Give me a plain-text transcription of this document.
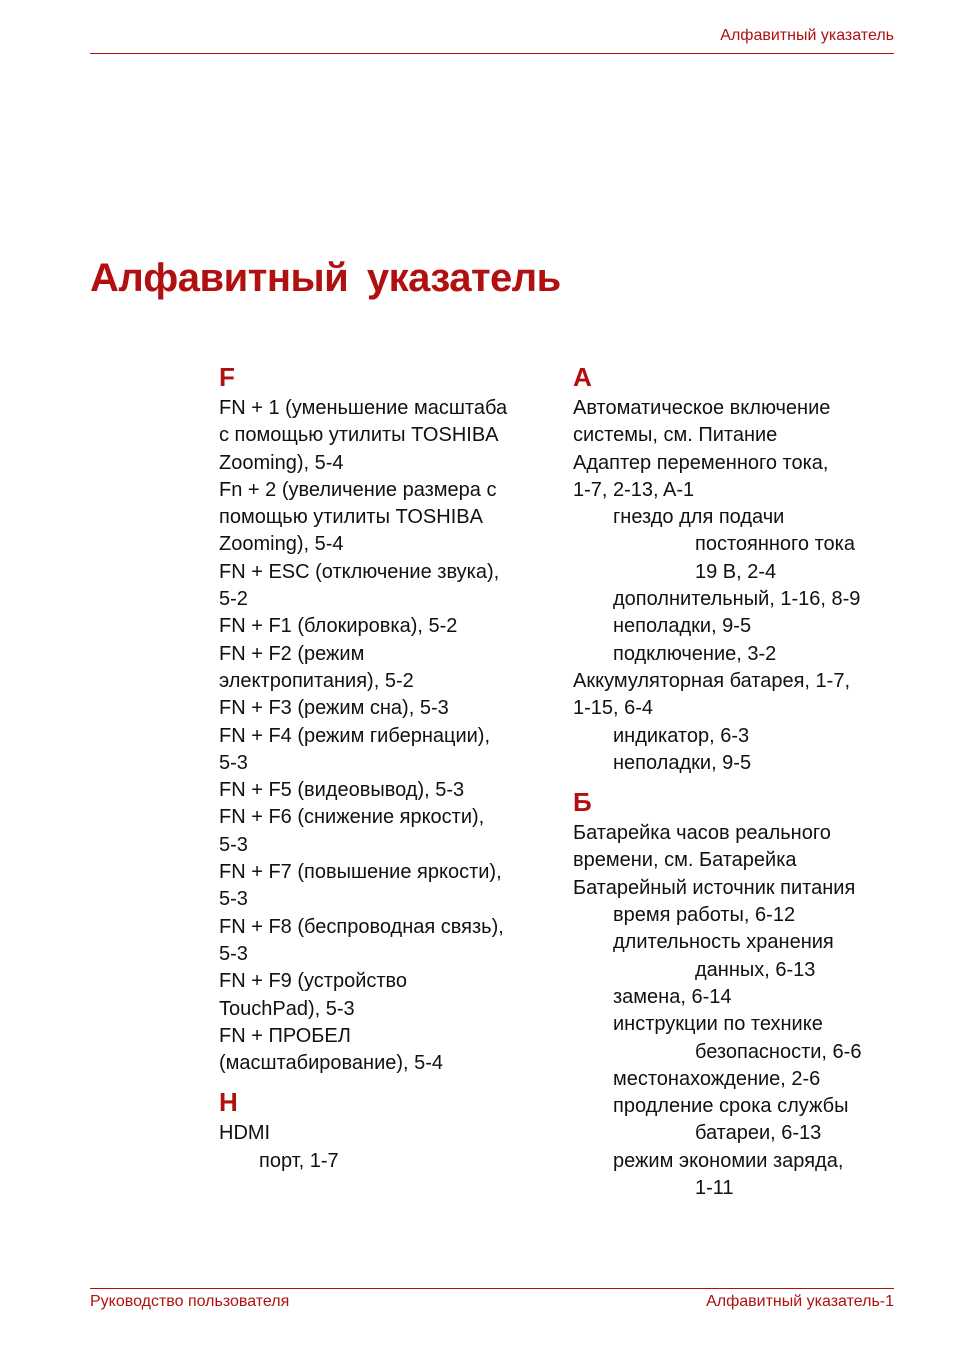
Алфавитный указатель
Алфавитный указатель
F
FN + 1 (уменьшение масштаба
с помощью утилиты TOSHIBA
Zooming), 5-4
Fn + 2 (увеличение размера с
помощью утилиты TOSHIBA
Zooming), 5-4
FN + ESC (отключение звука),
5-2
FN + F1 (блокировка), 5-2
FN + F2 (режим
электропитания), 5-2
FN + F3 (режим сна), 5-3
FN + F4 (режим гибернации),
5-3
FN + F5 (видеовывод), 5-3
FN + F6 (снижение яркости),
5-3
FN + F7 (повышение яркости),
5-3
FN + F8 (беспроводная связь),
5-3
FN + F9 (устройство
TouchPad), 5-3
FN + ПРОБЕЛ
(масштабирование), 5-4
H
HDMI
порт, 1-7
A
Автоматическое включение
системы, см. Питание
Адаптер переменного тока,
1-7, 2-13, A-1
гнездо для подачи
постоянного тока
19 В, 2-4
дополнительный, 1-16, 8-9
неполадки, 9-5
подключение, 3-2
Аккумуляторная батарея, 1-7,
1-15, 6-4
индикатор, 6-3
неполадки, 9-5
Б
Батарейка часов реального
времени, см. Батарейка
Батарейный источник питания
время работы, 6-12
длительность хранения
данных, 6-13
замена, 6-14
инструкции по технике
безопасности, 6-6
местонахождение, 2-6
продление срока службы
батареи, 6-13
режим экономии заряда,
1-11
Руководство пользователя	Алфавитный указатель-1
